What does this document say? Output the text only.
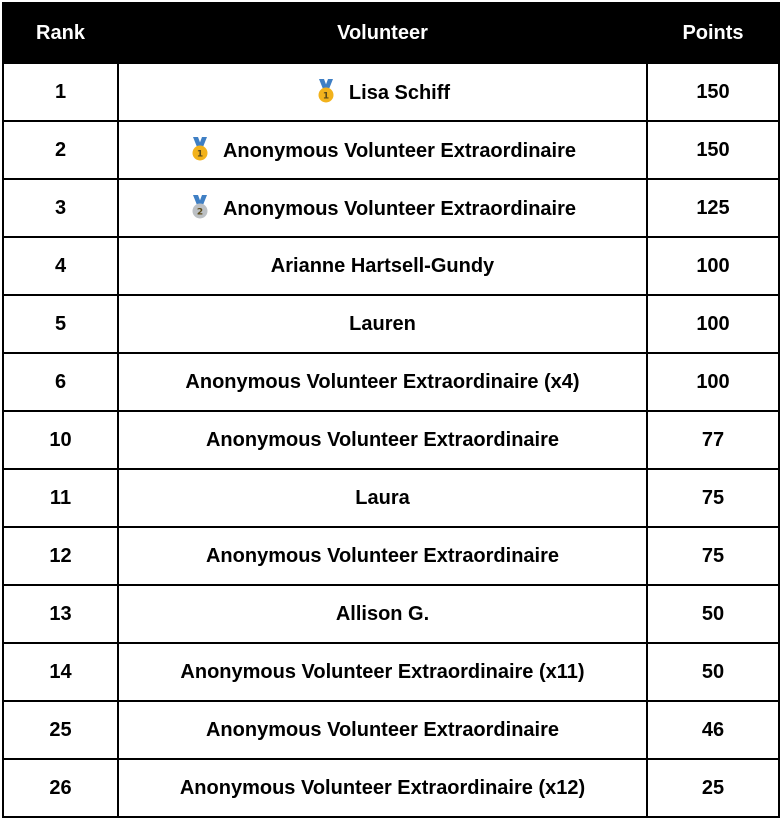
Rank	Volunteer	Points
1	1 Lisa Schiff	150
2	1 Anonymous Volunteer Extraordinaire	150
3	2 Anonymous Volunteer Extraordinaire	125
4	Arianne Hartsell-Gundy	100
5	Lauren	100
6	Anonymous Volunteer Extraordinaire (x4)	100
10	Anonymous Volunteer Extraordinaire	77
11	Laura	75
12	Anonymous Volunteer Extraordinaire	75
13	Allison G.	50
14	Anonymous Volunteer Extraordinaire (x11)	50
25	Anonymous Volunteer Extraordinaire	46
26	Anonymous Volunteer Extraordinaire (x12)	25
